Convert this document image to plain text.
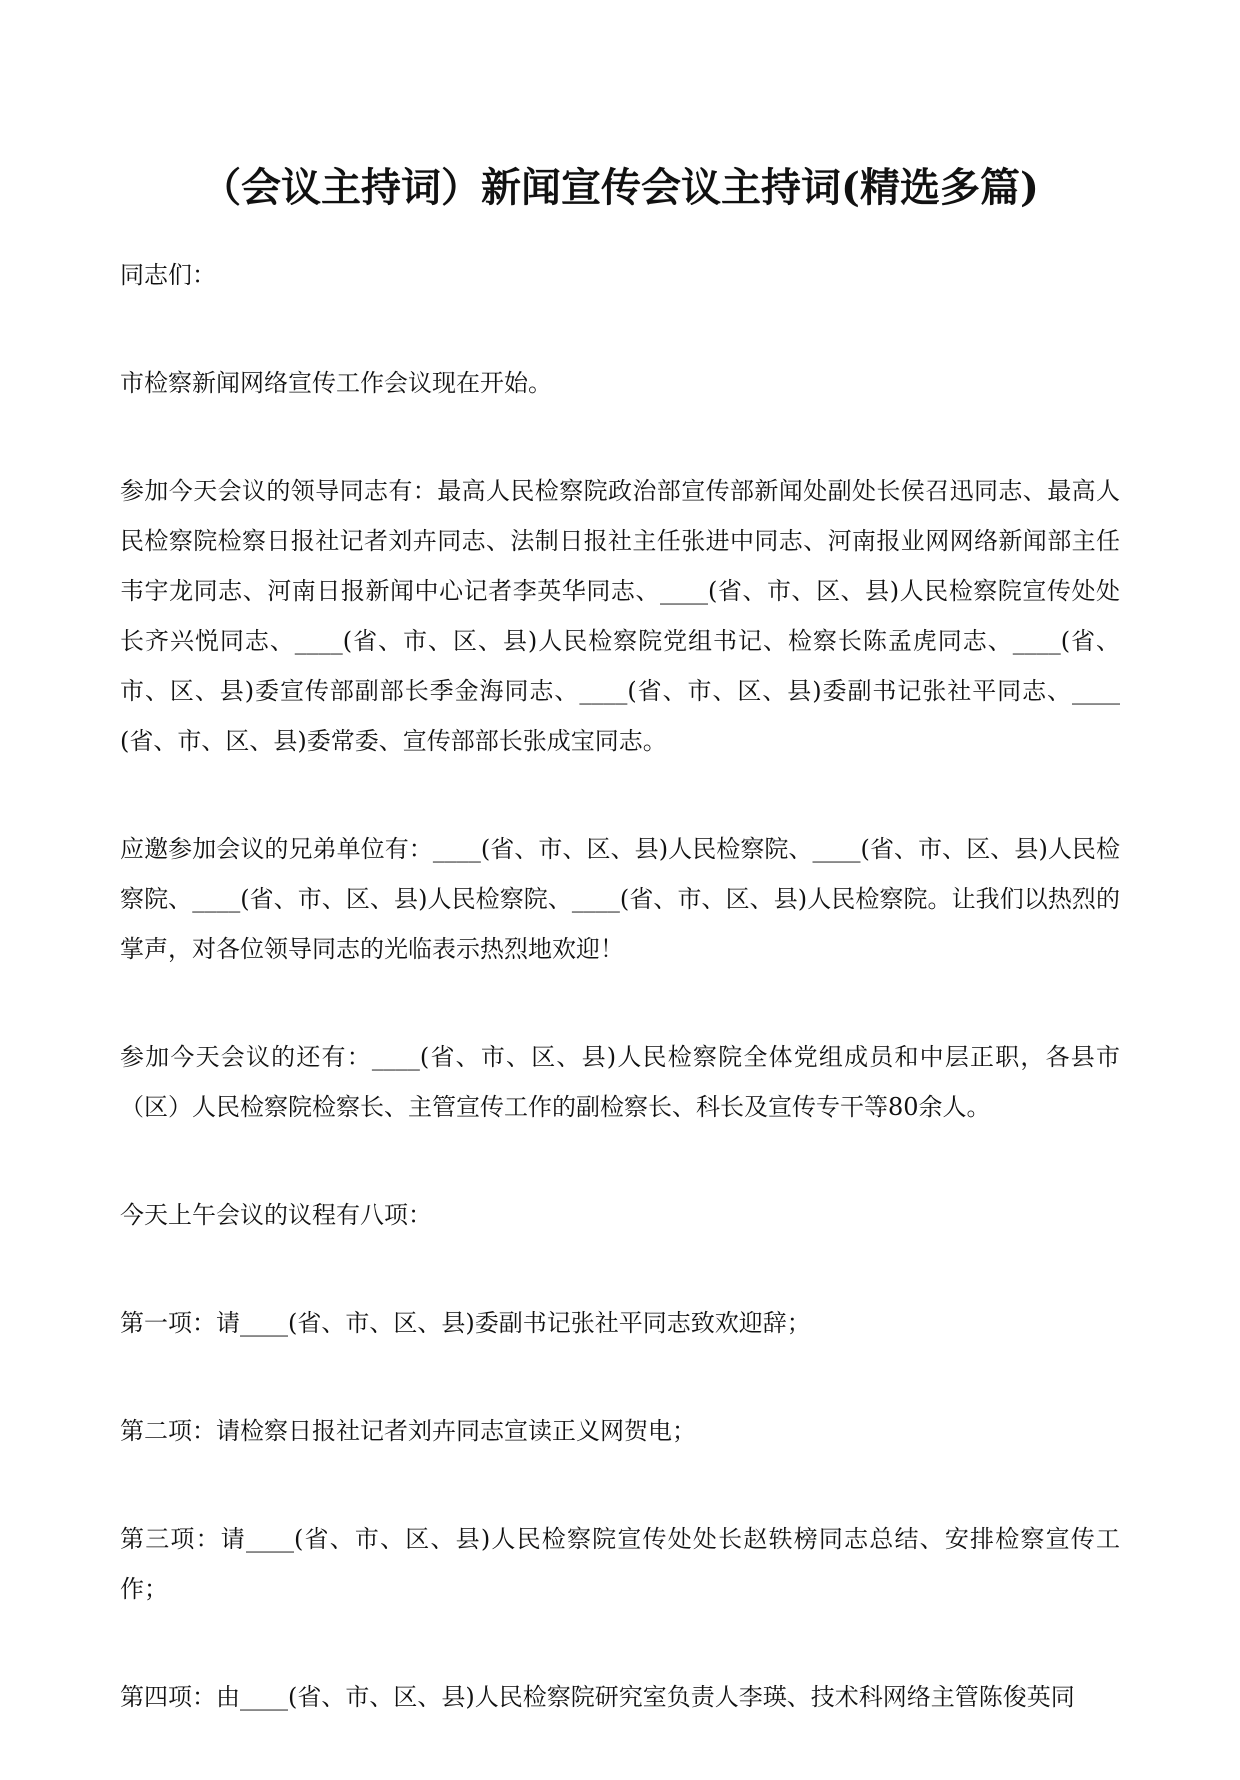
（会议主持词）新闻宣传会议主持词(精选多篇)

同志们：

市检察新闻网络宣传工作会议现在开始。

参加今天会议的领导同志有：最高人民检察院政治部宣传部新闻处副处长侯召迅同志、最高人民检察院检察日报社记者刘卉同志、法制日报社主任张进中同志、河南报业网网络新闻部主任韦宇龙同志、河南日报新闻中心记者李英华同志、____(省、市、区、县)人民检察院宣传处处长齐兴悦同志、____(省、市、区、县)人民检察院党组书记、检察长陈孟虎同志、____(省、市、区、县)委宣传部副部长季金海同志、____(省、市、区、县)委副书记张社平同志、____(省、市、区、县)委常委、宣传部部长张成宝同志。

应邀参加会议的兄弟单位有：____(省、市、区、县)人民检察院、____(省、市、区、县)人民检察院、____(省、市、区、县)人民检察院、____(省、市、区、县)人民检察院。让我们以热烈的掌声，对各位领导同志的光临表示热烈地欢迎！

参加今天会议的还有：____(省、市、区、县)人民检察院全体党组成员和中层正职，各县市（区）人民检察院检察长、主管宣传工作的副检察长、科长及宣传专干等80余人。

今天上午会议的议程有八项：

第一项：请____(省、市、区、县)委副书记张社平同志致欢迎辞；

第二项：请检察日报社记者刘卉同志宣读正义网贺电；

第三项：请____(省、市、区、县)人民检察院宣传处处长赵轶榜同志总结、安排检察宣传工作；

第四项：由____(省、市、区、县)人民检察院研究室负责人李瑛、技术科网络主管陈俊英同
